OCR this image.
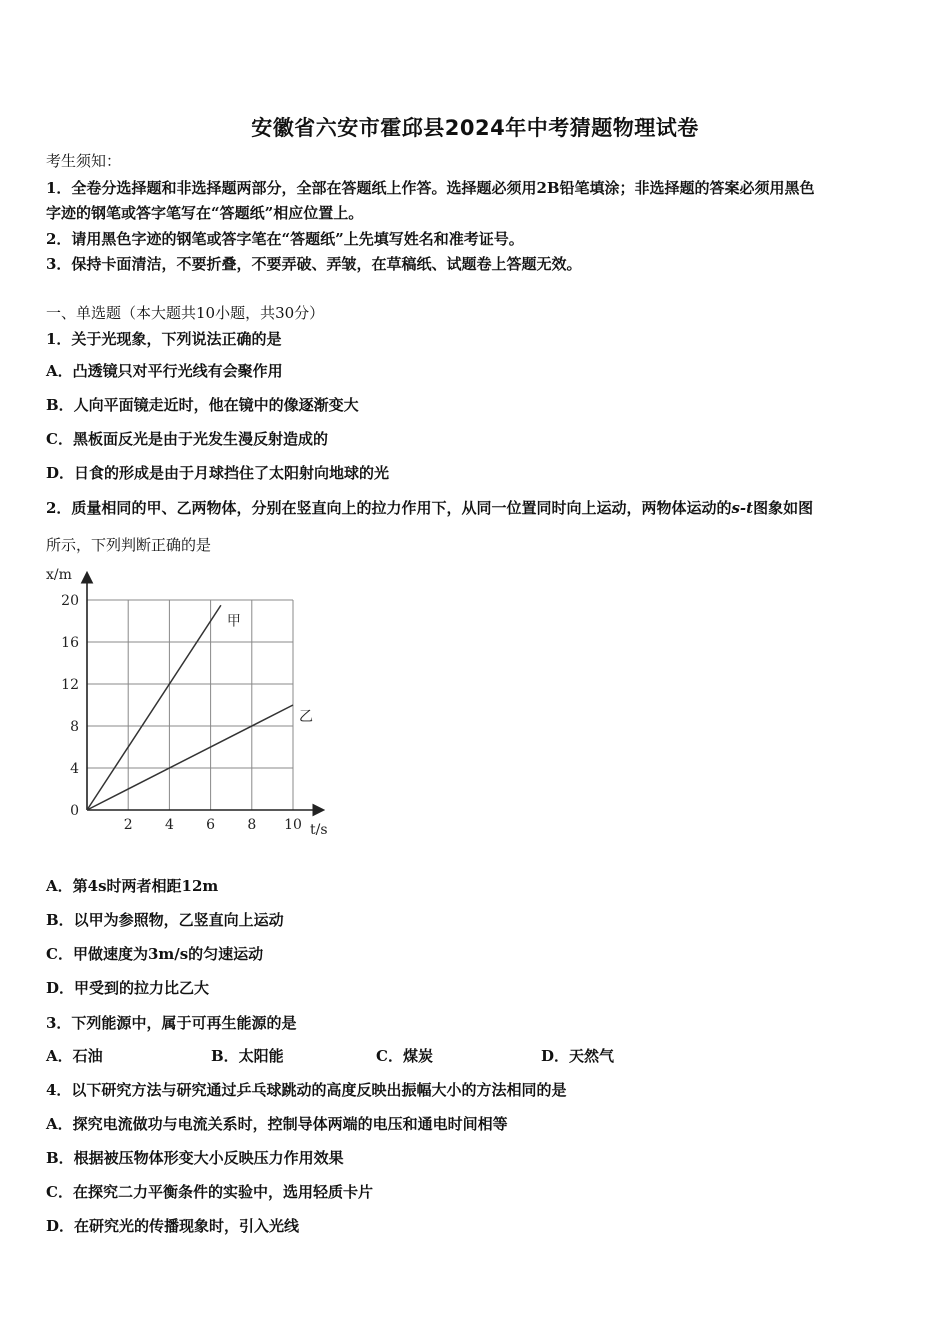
安徽省六安市霍邱县2024年中考猜题物理试卷
考生须知：
1．全卷分选择题和非选择题两部分，全部在答题纸上作答。选择题必须用2B铅笔填涂；非选择题的答案必须用黑色
字迹的钢笔或答字笔写在“答题纸”相应位置上。
2．请用黑色字迹的钢笔或答字笔在“答题纸”上先填写姓名和准考证号。
3．保持卡面清洁，不要折叠，不要弄破、弄皱，在草稿纸、试题卷上答题无效。
一、单选题（本大题共10小题，共30分）
1．关于光现象，下列说法正确的是
A．凸透镜只对平行光线有会聚作用
B．人向平面镜走近时，他在镜中的像逐渐变大
C．黑板面反光是由于光发生漫反射造成的
D．日食的形成是由于月球挡住了太阳射向地球的光
2．质量相同的甲、乙两物体，分别在竖直向上的拉力作用下，从同一位置同时向上运动，两物体运动的s-t图象如图
所示，下列判断正确的是
x/m
t/s
2 4 6 8 10
0
4
8
12
16
20
甲
乙
A．第4s时两者相距12m
B．以甲为参照物，乙竖直向上运动
C．甲做速度为3m/s的匀速运动
D．甲受到的拉力比乙大
3．下列能源中，属于可再生能源的是
A．石油	B．太阳能	C．煤炭	D．天然气
4．以下研究方法与研究通过乒乓球跳动的高度反映出振幅大小的方法相同的是
A．探究电流做功与电流关系时，控制导体两端的电压和通电时间相等
B．根据被压物体形变大小反映压力作用效果
C．在探究二力平衡条件的实验中，选用轻质卡片
D．在研究光的传播现象时，引入光线
